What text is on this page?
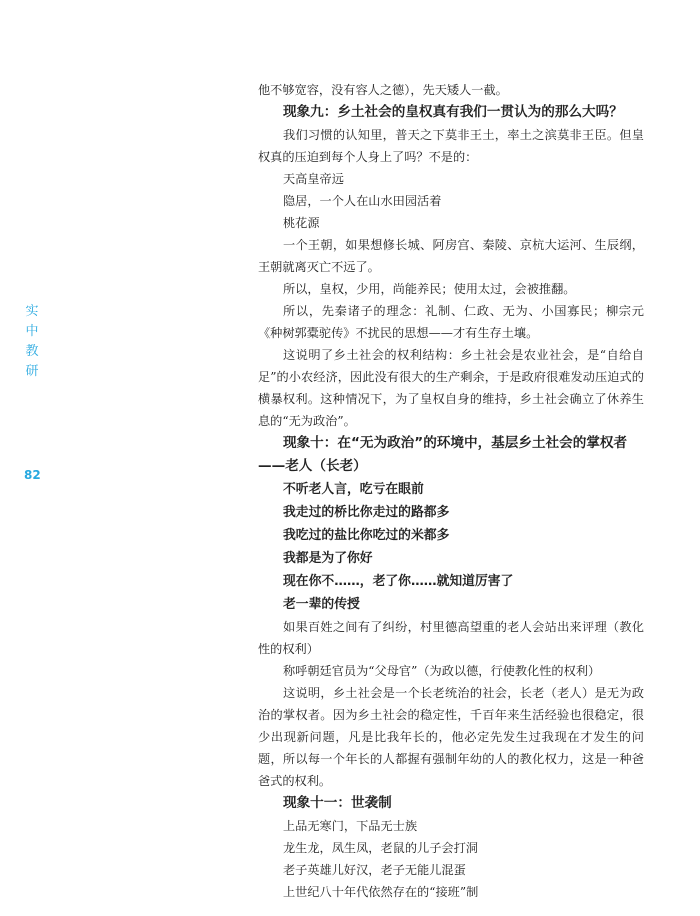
实
中
教
研
82

他不够宽容，没有容人之德），先天矮人一截。

现象九：乡土社会的皇权真有我们一贯认为的那么大吗？

我们习惯的认知里，普天之下莫非王土，率土之滨莫非王臣。但皇权真的压迫到每个人身上了吗？不是的：

天高皇帝远

隐居，一个人在山水田园活着

桃花源

一个王朝，如果想修长城、阿房宫、秦陵、京杭大运河、生辰纲，王朝就离灭亡不远了。

所以，皇权，少用，尚能养民；使用太过，会被推翻。

所以，先秦诸子的理念：礼制、仁政、无为、小国寡民；柳宗元《种树郭橐驼传》不扰民的思想——才有生存土壤。

这说明了乡土社会的权利结构：乡土社会是农业社会，是“自给自足”的小农经济，因此没有很大的生产剩余，于是政府很难发动压迫式的横暴权利。这种情况下，为了皇权自身的维持，乡土社会确立了休养生息的“无为政治”。

现象十：在“无为政治”的环境中，基层乡土社会的掌权者——老人（长老）

不听老人言，吃亏在眼前

我走过的桥比你走过的路都多

我吃过的盐比你吃过的米都多

我都是为了你好

现在你不……，老了你……就知道厉害了

老一辈的传授

如果百姓之间有了纠纷，村里德高望重的老人会站出来评理（教化性的权利）

称呼朝廷官员为“父母官”（为政以德，行使教化性的权利）

这说明，乡土社会是一个长老统治的社会，长老（老人）是无为政治的掌权者。因为乡土社会的稳定性，千百年来生活经验也很稳定，很少出现新问题，凡是比我年长的，他必定先发生过我现在才发生的问题，所以每一个年长的人都握有强制年幼的人的教化权力，这是一种爸爸式的权利。

现象十一：世袭制

上品无寒门，下品无士族

龙生龙，凤生凤，老鼠的儿子会打洞

老子英雄儿好汉，老子无能儿混蛋

上世纪八十年代依然存在的“接班”制
